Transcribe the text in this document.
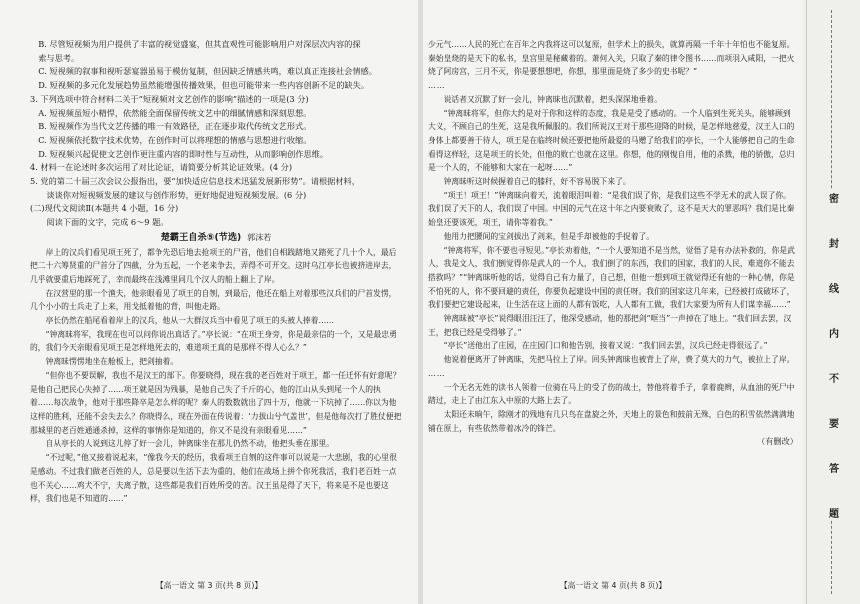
B. 尽管短视频为用户提供了丰富的视觉盛宴，但其直观性可能影响用户对深层次内容的探

索与思考。

C. 短视频的叙事和视听瑟宴器虽易于模仿复制，但因缺乏情感共鸣，难以真正连接社会情感。

D. 短视频的多元化发展趋势虽然能增强传播效果，但也可能带来一些内容创新不足的缺失。

3. 下列选项中符合材料二关于“短视频对文艺创作的影响”描述的一项是(3 分)

A. 短视频虽短小精悍，依然能全面保留传统文艺中的细腻情感和深刻思想。

B. 短视频作为当代文艺传播的唯一有效路径，正在逐步取代传统文艺形式。

C. 短视频依托数字技术优势，在创作时可以将理想的情感与思想进行收缩。

D. 短视频兴起促使文艺创作更注重内容的即时性与互动性，从而影响创作思维。

4. 材料一在论述时多次运用了对比论证，请简要分析其论证效果。(4 分)

5. 党的第二十届三次会议公报指出，要“加快适应信息技术迅猛发展新形势”。请根据材料，

谈谈你对短视频发展的建议与创作形势，更好地促进短视频发展。(6 分)

(二)现代文阅读Ⅱ(本题共 4 小题，16 分)

阅读下面的文字，完成 6～9 题。

楚霸王自杀⑤(节选) 郭沫若

岸上的汉兵们看见项王死了，都争先恐后地去抢项王的尸首，他们自相践踏地又踏死了几十个人，最后把二十六筹贤重的尸首分了四截，分为五起，一个老来争去，弄得不可开交。这时乌江亭长也被挤进岸去，几乎就要重后地踩死了，幸而最终在浅滩里同几个汉人的船上翻上了岸。

在汉营里的那一个渔夫，他亲眼看见了项王的自刎，到最后，他还在船上对着那些汉兵们的尸首发愣，几个小小的士兵走了上来，用戈抵着他的背，叫他走路。

亭长仍然在船尾看着岸上的汉兵，他从一大群汉兵当中看见了项王的头被人捧着……

“钟离昧将军，我现在也可以问你说出真话了。”亭长说：“在项王身旁，你是最亲信的一个，又是最忠勇的，我们今天亲眼看见项王是怎样地死去的，难道项王真的是那样不得人心么？”

钟离昧愣愣地坐在舱板上，把剑抽着。

“但你也不要误解，我也不是汉王的部下。你要晓得，现在我的老百姓对于项王，都一任迁怀有好意呢？是他自己把民心失掉了……项王就是因为残暴，是他自己失了千斤的心，他的江山从头到尾一个人的执着……每次战争，他对于那些降卒是怎么样的呢？秦人的数数就出了四十万，他就一下坑掉了……你以为他这样的胜利，还能不会失去么？你晓得么，现在外面在传说着：‘力拔山兮气盖世’，但是他每次打了胜仗便把那城里的老百姓通通杀掉，这样的事情你是知道的，你又不是没有亲眼看见……”

自从亭长的人说到这儿停了好一会儿，钟离昧坐在那儿仍然不动，他把头垂在那里。

“不过呢，”他又接着说起来，“像我今天的经历，我看项王自刎的这件事可以说是一大悲剧，我的心里很是感动。不过我们做老百姓的人，总是要以生活下去为重的，他们在战场上拼个你死我活，我们老百姓一点也不关心……鸡犬不宁，夫离子散，这些都是我们百姓所受的苦。汉王虽是得了天下，将来是不是也要这样，我们也是不知道的……”

【高一语文 第 3 页(共 8 页)】

少元气……人民的死亡在百年之内我将这可以复原，但学术上的损失，就算再隔一千年十年怕也不能复原。秦始皇烧的是天下的私书，皇宫里是秘藏着的。萧何入关，只取了秦的律令图书……而项羽入咸阳，一把火烧了阿房宫，三月不灭，你是要想想吧，你想，那里面是烧了多少的史书呢？”

……

说话者又沉默了好一会儿，钟离昧也沉默着，把头深深地垂着。

“钟离昧将军，但你大约是对于你和这样的态度，我是是受了感动的。一个人临到生死关头，能够顾到大义，不顾自己的生死，这是我所佩服的。我们所说汉王对于那些迎降的时候，是怎样地慈爱，汉王人口的身体上都要善于待人，项王是在临终时候还要把他所最爱的马赠了给我们的亭长，一个人能够把自己的生命看得这样轻，这是项王的长处，但他的败亡也就在这里。你想，他的刚愎自用，他的杀戮，他的骄傲，总归是一个人的，不能够和大家在一起呀……”

钟离昧听这时候握着自己的膝秆，好不容易脱下来了。

“项王！项王！”钟离昧向着天，流着眼泪叫着：“是我们误了你，是我们这些不学无术的武人误了你。我们误了天下的人，我们误了中国。中国的元气在这十年之内要衰败了，这不是天大的罪恶吗？我们是比秦始皇还要该死，项王，请你等着我。”

他用力把腰间的宝剑拔出了剑来，但是手却被他的手捉着了。

“钟离将军，你不要也寻短见。”亭长劝着他，“一个人要知道不是当然，觉悟了是有办法补救的，你是武人，我是文人，我们倒觉得你是武人的一个人，我们倒了的东西，我们的国家，我们的人民，难道你不能去搭救吗？”“钟离昧听他的话，觉得自己有力量了，自己想，但他一想到项王就觉得还有他的一种心情，你是不怕死的人，你不要回避的责任，你要负起建设中国的责任呀。我们的国家这几年来，已经被打成破坏了，我们要把它建设起来，让生活在这上面的人都有饭吃，人人都有工做，我们大家要为所有人们谋幸福……”

钟离昧被“亭长”说得眼泪汪汪了，他深受感动，他的那把剑“哐当”一声掉在了地上。“我们回去罢，汉王，把我已经是受得够了。”

“亭长”送他出了庄园，在庄园门口和他告别，接着又说：“我们回去罢，汉兵已经走得很远了。”

他说着便离开了钟离昧，先把马拉上了岸。回头钟离昧也被背上了岸，费了莫大的力气，被拉上了岸。

……

一个无名无姓的读书人领着一位骑在马上的受了伤的战士，替他将着手子，拿着鹿辫，从血油的死尸中踏过，走上了由江东入中原的大路上去了。

太阳还未晌午，除刚才的残地有几只鸟在盘旋之外，天地上的景色和鼓前无殊，白色的积雪依然满满地铺在原上，有些依然带着冰冷的锋芒。

（有删改）

【高一语文 第 4 页(共 8 页)】
密
封
线
内
不
要
答
题
